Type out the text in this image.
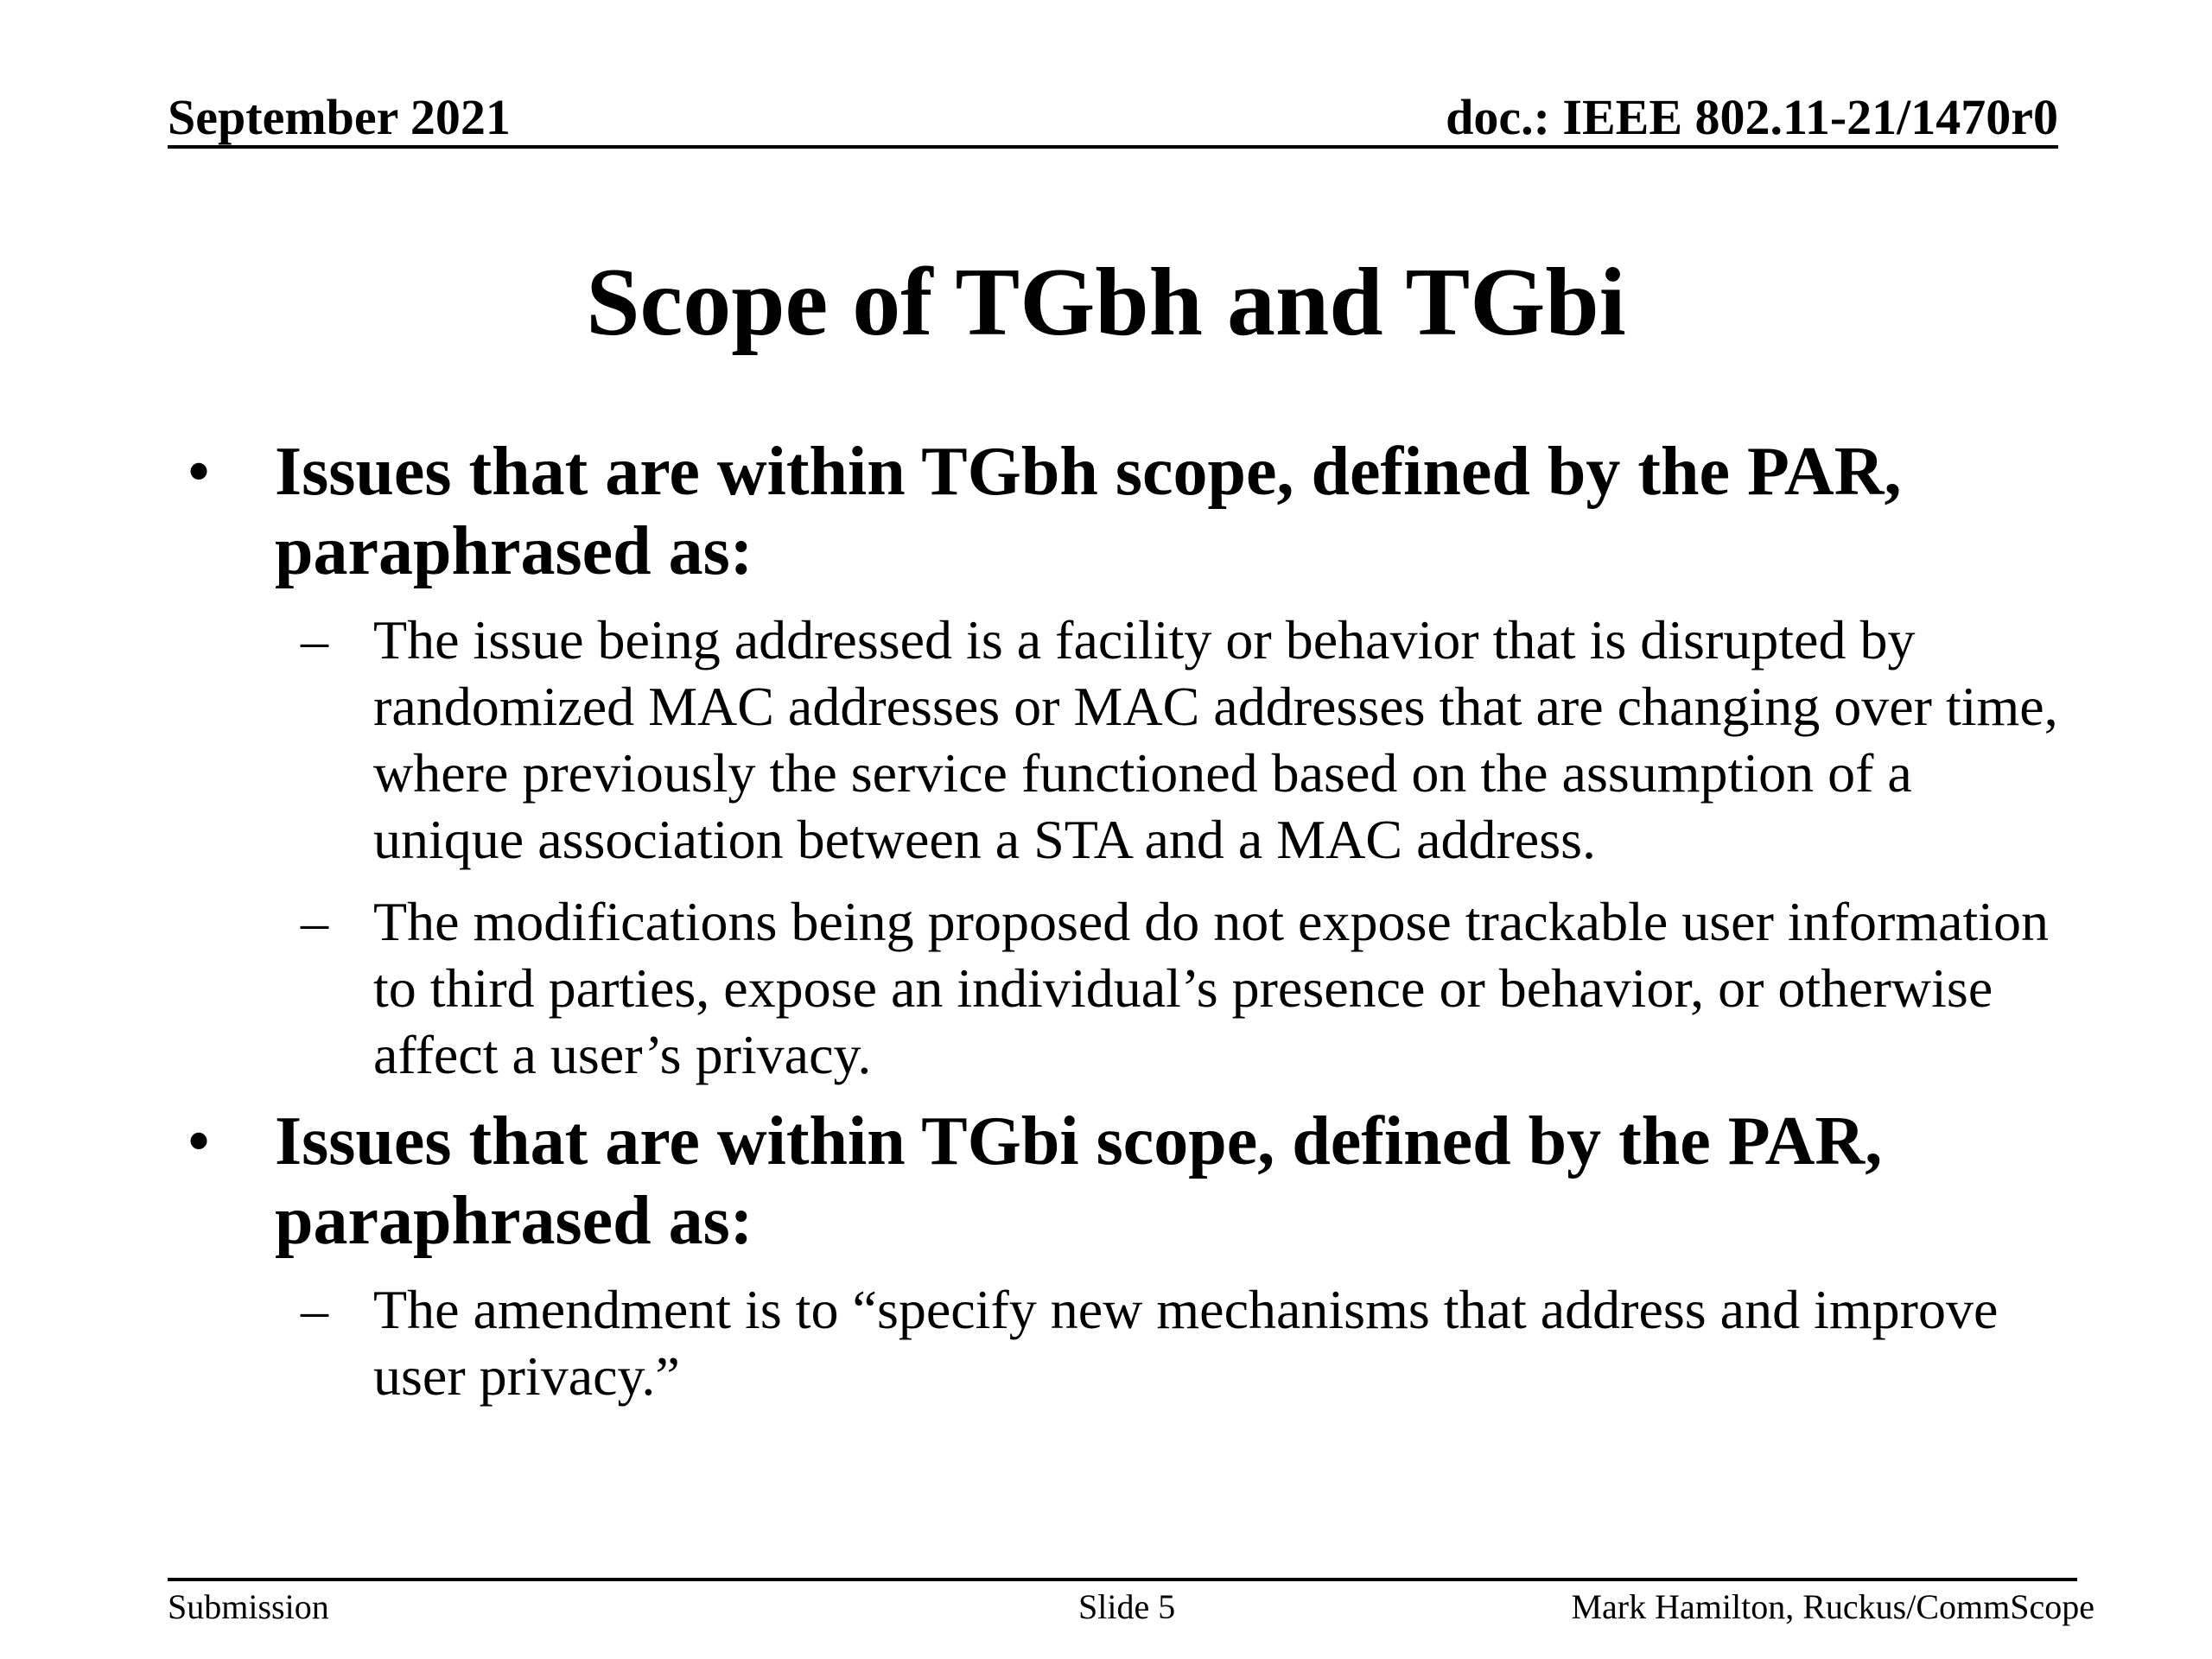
September 2021	doc.: IEEE 802.11-21/1470r0
Scope of TGbh and TGbi
• Issues that are within TGbh scope, defined by the PAR, paraphrased as:
– The issue being addressed is a facility or behavior that is disrupted by randomized MAC addresses or MAC addresses that are changing over time, where previously the service functioned based on the assumption of a unique association between a STA and a MAC address.
– The modifications being proposed do not expose trackable user information to third parties, expose an individual’s presence or behavior, or otherwise affect a user’s privacy.
• Issues that are within TGbi scope, defined by the PAR, paraphrased as:
– The amendment is to “specify new mechanisms that address and improve user privacy.”
Submission	Slide 5	Mark Hamilton, Ruckus/CommScope
